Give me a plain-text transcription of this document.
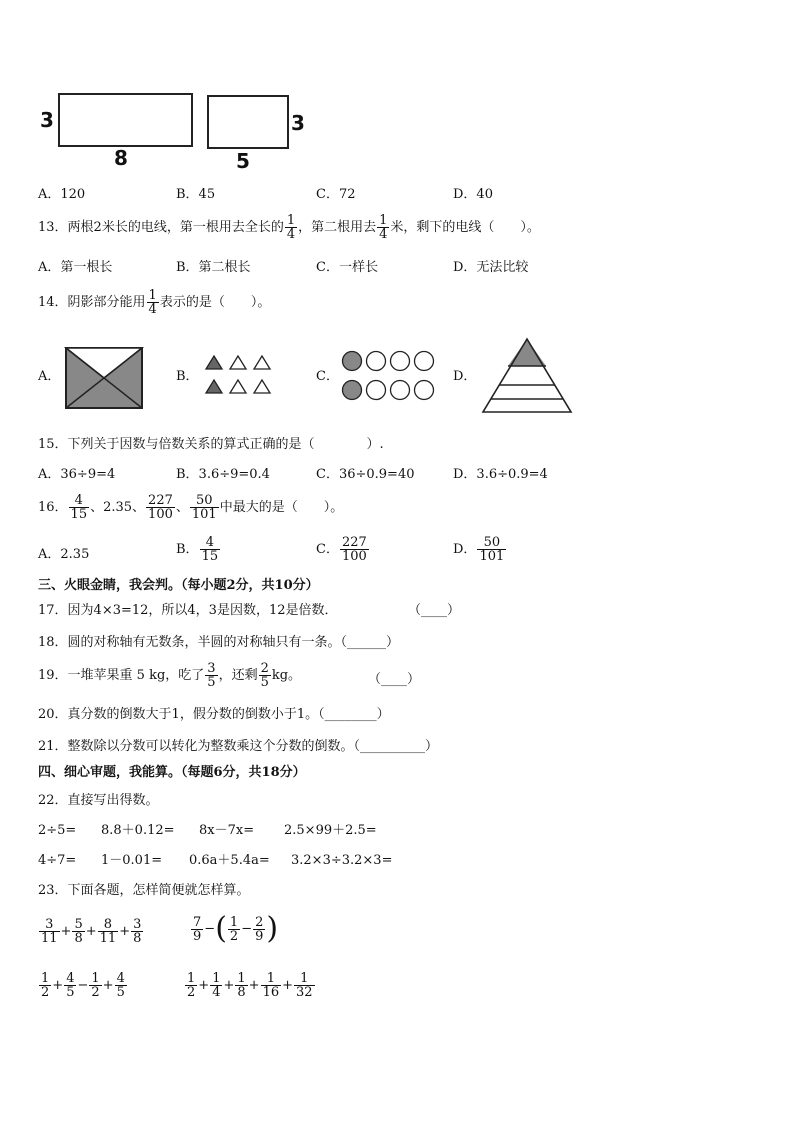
3
8
3
5
A．120	B．45	C．72	D．40
13．两根2米长的电线，第一根用去全长的 $\frac{1}{4}$ ，第二根用去 $\frac{1}{4}$ 米，剩下的电线（　　）。
A．第一根长	B．第二根长	C．一样长	D．无法比较
14．阴影部分能用 $\frac{1}{4}$ 表示的是（　　）。
A．	B．	C．	D．
15．下列关于因数与倍数关系的算式正确的是（　　　　）.
A．36÷9=4	B．3.6÷9=0.4	C．36÷0.9=40	D．3.6÷0.9=4
16． $\frac{4}{15}$ 、2.35、 $\frac{227}{100}$ 、 $\frac{50}{101}$ 中最大的是（　　）。
A．2.35	B． $\frac{4}{15}$	C． $\frac{227}{100}$	D． $\frac{50}{101}$
三、火眼金睛，我会判。（每小题2分，共10分）
17．因为4×3=12，所以4，3是因数，12是倍数．	（____）
18．圆的对称轴有无数条，半圆的对称轴只有一条。（______）
19．一堆苹果重 5 kg，吃了 $\frac{3}{5}$ ，还剩 $\frac{2}{5}$ kg。	（____）
20．真分数的倒数大于1，假分数的倒数小于1。（________）
21．整数除以分数可以转化为整数乘这个分数的倒数。（__________）
四、细心审题，我能算。（每题6分，共18分）
22．直接写出得数。
2÷5= 8.8＋0.12= 8x－7x= 2.5×99＋2.5=
4÷7= 1－0.01= 0.6a＋5.4a= 3.2×3÷3.2×3=
23．下面各题，怎样简便就怎样算。
$\frac{3}{11} + \frac{5}{8} + \frac{8}{11} + \frac{3}{8}$	$\frac{7}{9}$ −( $\frac{1}{2} - \frac{2}{9}$ )
$\frac{1}{2} + \frac{4}{5} - \frac{1}{2} + \frac{4}{5}$	$\frac{1}{2} + \frac{1}{4} + \frac{1}{8} + \frac{1}{16} + \frac{1}{32}$
